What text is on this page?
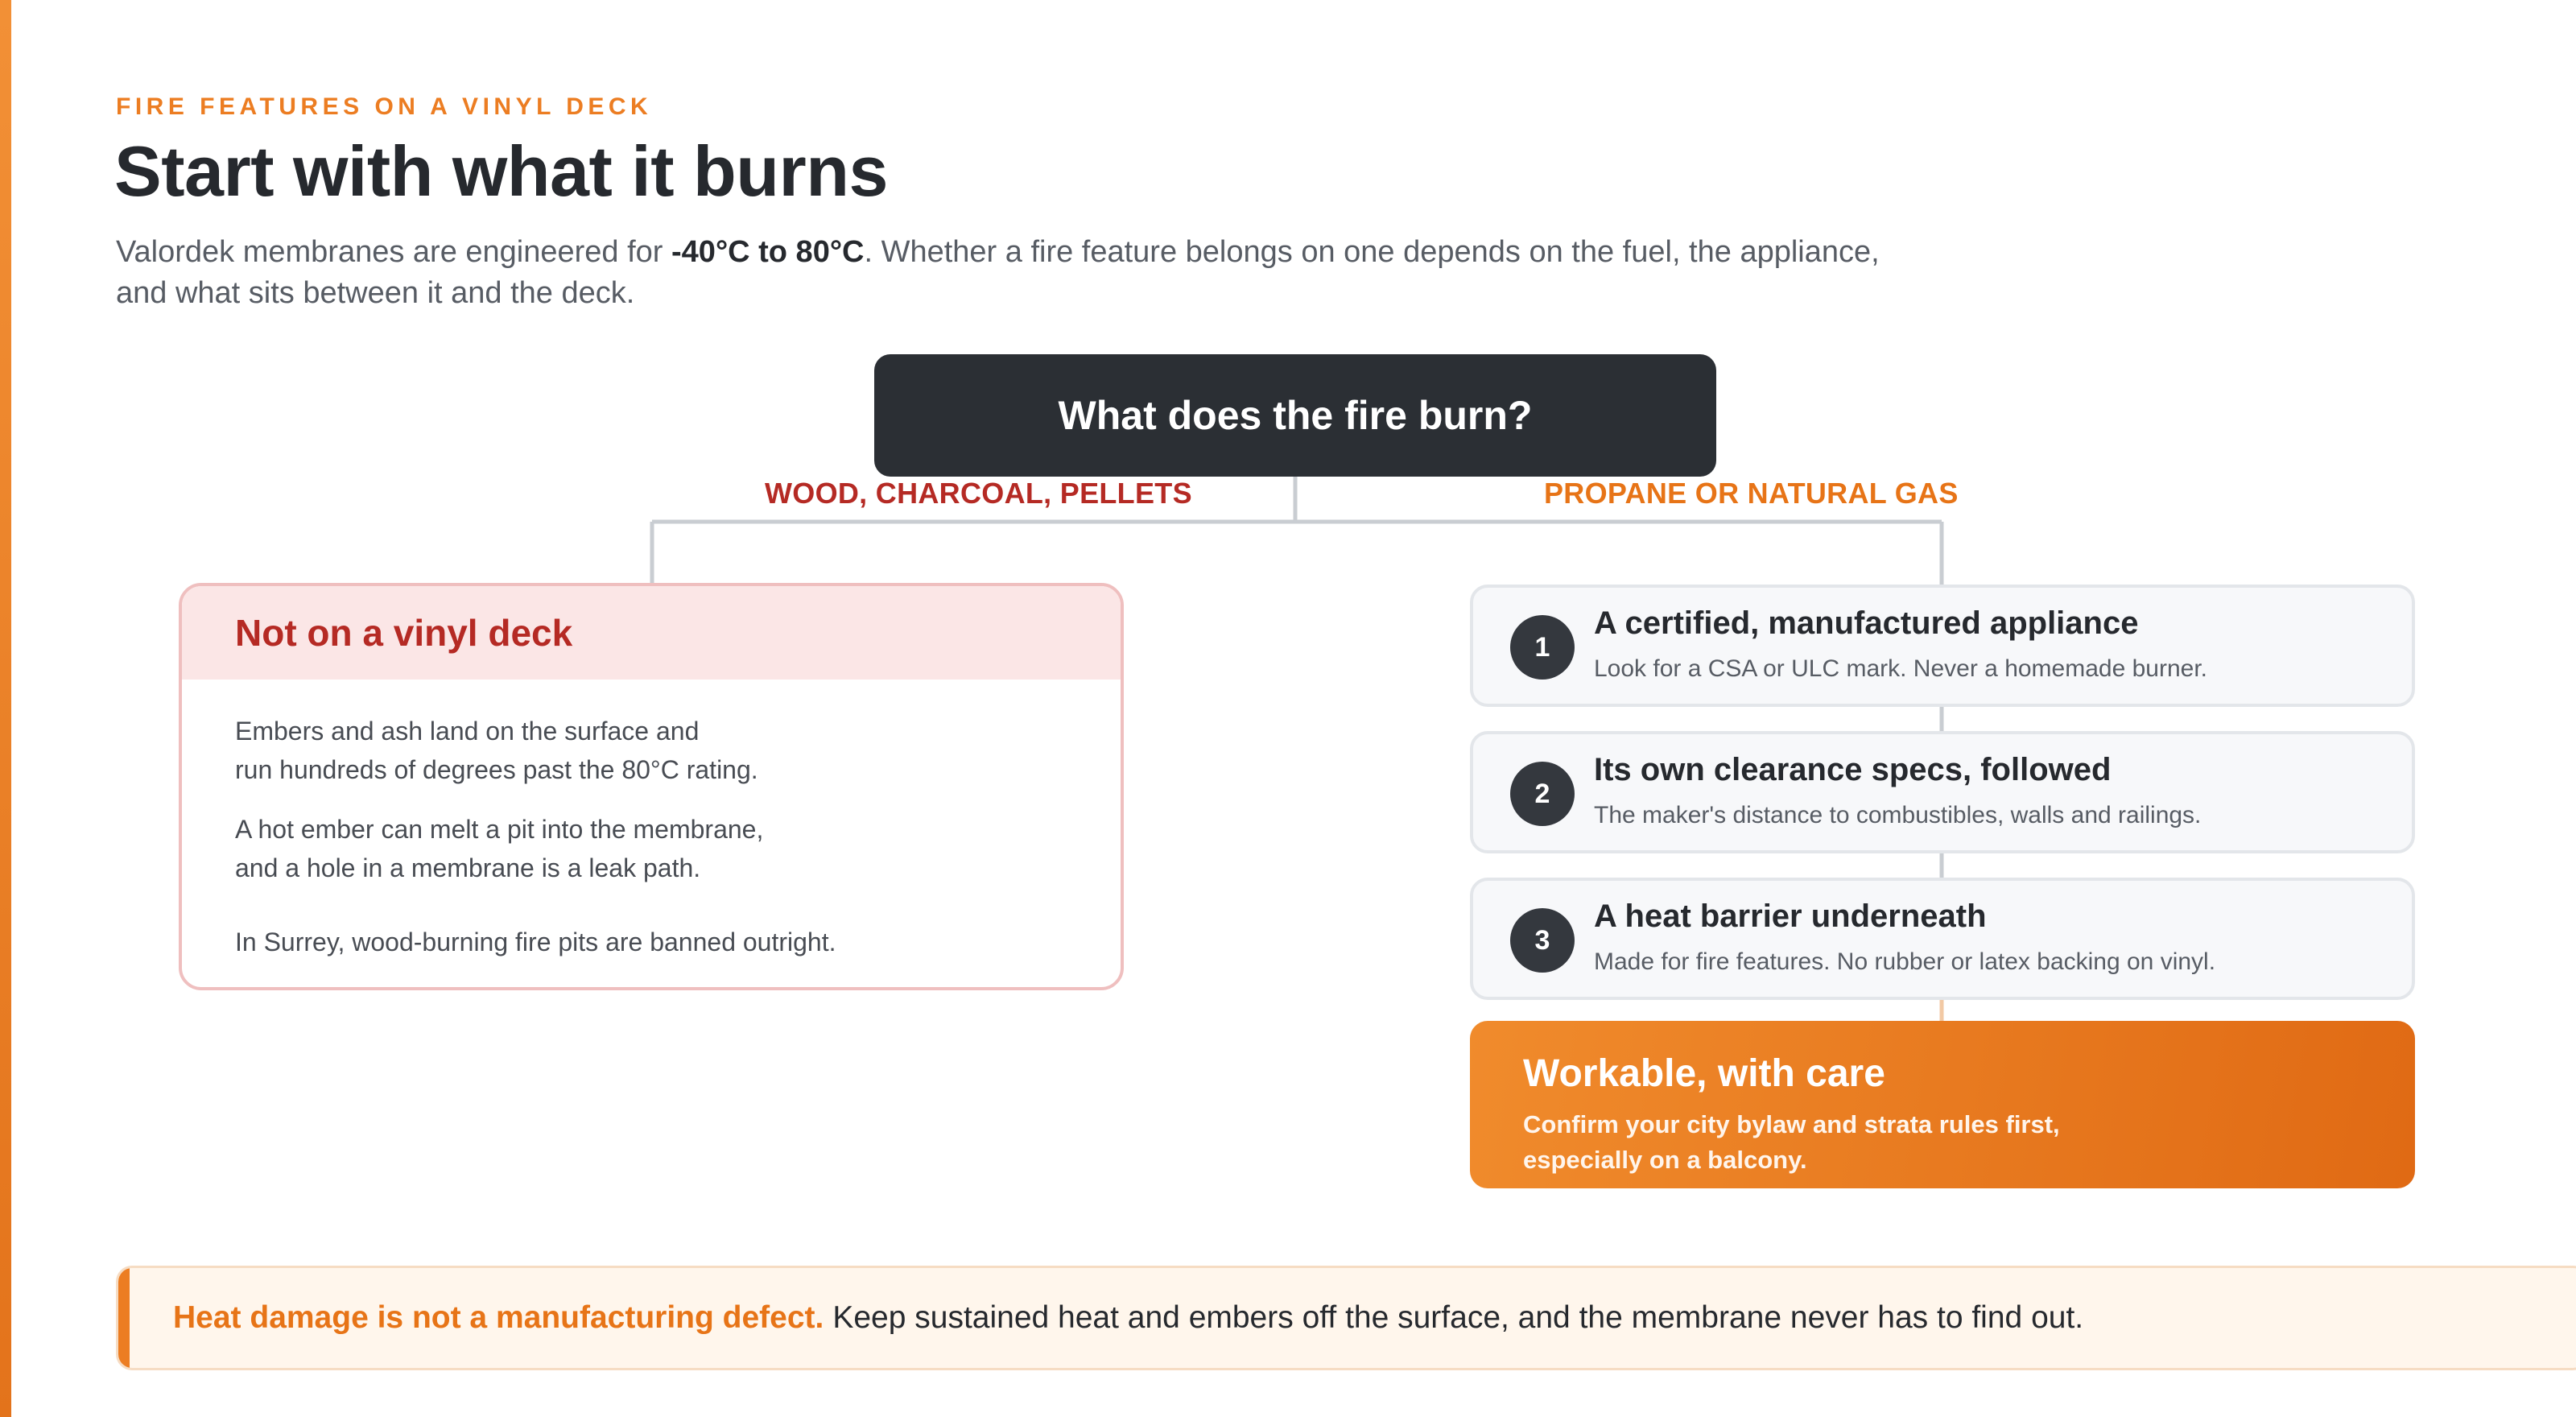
FIRE FEATURES ON A VINYL DECK
Start with what it burns
Valordek membranes are engineered for -40°C to 80°C. Whether a fire feature belongs on one depends on the fuel, the appliance, and what sits between it and the deck.
What does the fire burn?
WOOD, CHARCOAL, PELLETS	PROPANE OR NATURAL GAS
Not on a vinyl deck

Embers and ash land on the surface and
run hundreds of degrees past the 80°C rating.

A hot ember can melt a pit into the membrane,
and a hole in a membrane is a leak path.

In Surrey, wood-burning fire pits are banned outright.

1
A certified, manufactured appliance
Look for a CSA or ULC mark. Never a homemade burner.
2
Its own clearance specs, followed
The maker's distance to combustibles, walls and railings.
3
A heat barrier underneath
Made for fire features. No rubber or latex backing on vinyl.
Workable, with care
Confirm your city bylaw and strata rules first, especially on a balcony.
Heat damage is not a manufacturing defect. Keep sustained heat and embers off the surface, and the membrane never has to find out.
